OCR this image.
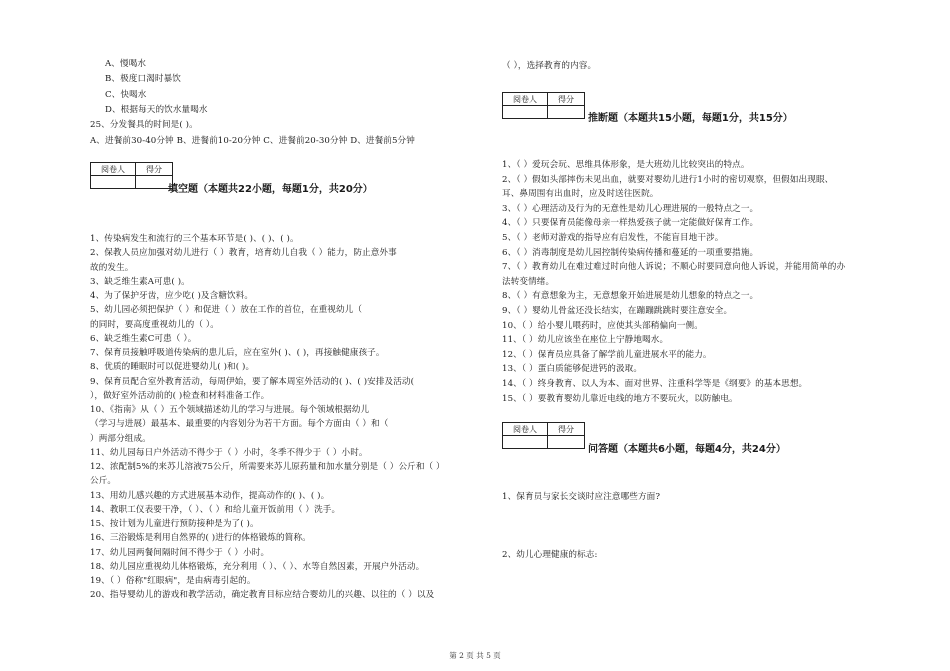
A、慢喝水
B、极度口渴时暴饮
C、快喝水
D、根据每天的饮水量喝水
25、分发餐具的时间是( )。
A、进餐前30-40分钟 B、进餐前10-20分钟 C、进餐前20-30分钟 D、进餐前5分钟
阅卷人	得分

填空题（本题共22小题，每题1分，共20分）
1、传染病发生和流行的三个基本环节是( )、( )、( )。
2、保教人员应加强对幼儿进行（ ）教育，培育幼儿自我（ ）能力，防止意外事
故的发生。
3、缺乏维生素A可患( )。
4、为了保护牙齿，应少吃( )及含糖饮料。
5、幼儿园必须把保护（ ）和促进（ ）放在工作的首位，在重视幼儿（
的同时，要高度重视幼儿的（ ）。
6、缺乏维生素C可患（ ）。
7、保育员接触呼吸道传染病的患儿后，应在室外( )、( )，再接触健康孩子。
8、优质的睡眠时可以促进婴幼儿( )和( )。
9、保育员配合室外教育活动，每周伊始，要了解本周室外活动的( )、( )安排及活动(
），做好室外活动前的( )检查和材料准备工作。
10、《指南》从（ ）五个领域描述幼儿的学习与进展。每个领域根据幼儿
（学习与进展）最基本、最重要的内容划分为若干方面。每个方面由（ ）和（
）两部分组成。
11、幼儿园每日户外活动不得少于（ ）小时，冬季不得少于（ ）小时。
12、浓配制5%的来苏儿溶液75公斤，所需要来苏儿原药量和加水量分别是（ ）公斤和（ ）
公斤。
13、用幼儿感兴趣的方式进展基本动作，提高动作的( )、( )。
14、教职工仪表要干净，（ ）、（ ）和给儿童开饭前用（ ）洗手。
15、按计划为儿童进行预防接种是为了( )。
16、三浴锻炼是利用自然界的( )进行的体格锻炼的简称。
17、幼儿园两餐间隔时间不得少于（ ）小时。
18、幼儿园应重视幼儿体格锻炼，充分利用（ ）、（ ）、水等自然因素，开展户外活动。
19、（ ）俗称"红眼病"，是由病毒引起的。
20、指导婴幼儿的游戏和教学活动，确定教育目标应结合婴幼儿的兴趣、以往的（ ）以及
（ ），选择教育的内容。
阅卷人	得分

推断题（本题共15小题，每题1分，共15分）
1、（ ）爱玩会玩、思维具体形象，是大班幼儿比较突出的特点。
2、（ ）假如头部摔伤未见出血，就要对婴幼儿进行1小时的密切观察，但假如出现眼、
耳、鼻周围有出血时，应及时送往医院。
3、（ ）心理活动及行为的无意性是幼儿心理进展的一般特点之一。
4、（ ）只要保育员能像母亲一样热爱孩子就一定能做好保育工作。
5、（ ）老师对游戏的指导应有启发性，不能盲目地干涉。
6、（ ）消毒制度是幼儿园控制传染病传播和蔓延的一项重要措施。
7、（ ）教育幼儿在难过难过时向他人诉说；不顺心时要同意向他人诉说，并能用简单的办
法转变情绪。
8、（ ）有意想象为主，无意想象开始进展是幼儿想象的特点之一。
9、（ ）婴幼儿骨盆还没长结实，在蹦蹦跳跳时要注意安全。
10、（ ）给小婴儿喂药时，应使其头部稍偏向一侧。
11、（ ）幼儿应该坐在座位上宁静地喝水。
12、（ ）保育员应具备了解学前儿童进展水平的能力。
13、（ ）蛋白质能够促进钙的汲取。
14、（ ）终身教育、以人为本、面对世界、注重科学等是《纲要》的基本思想。
15、（ ）要教育婴幼儿靠近电线的地方不要玩火，以防触电。
阅卷人	得分

问答题（本题共6小题，每题4分，共24分）
1、保育员与家长交谈时应注意哪些方面?
2、幼儿心理健康的标志:
第 2 页 共 5 页
